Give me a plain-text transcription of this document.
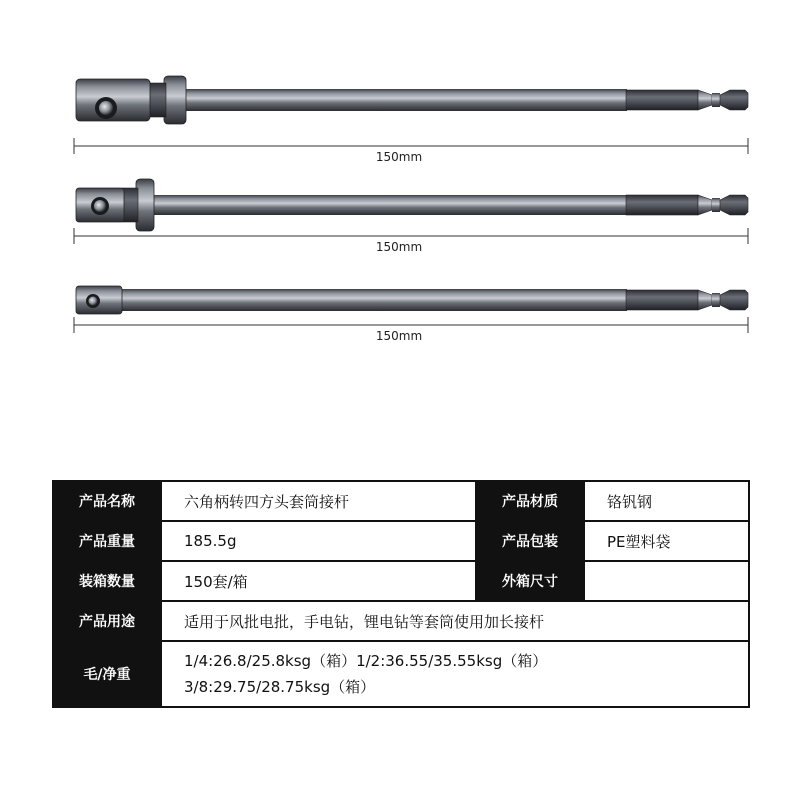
150mm
150mm
150mm
产品名称	六角柄转四方头套筒接杆	产品材质	铬钒钢
产品重量	185.5g	产品包装	PE塑料袋
装箱数量	150套/箱	外箱尺寸	
产品用途	适用于风批电批，手电钻，锂电钻等套筒使用加长接杆		
毛/净重	1/4:26.8/25.8ksg（箱）1/2:36.55/35.55ksg（箱）
3/8:29.75/28.75ksg（箱）		
